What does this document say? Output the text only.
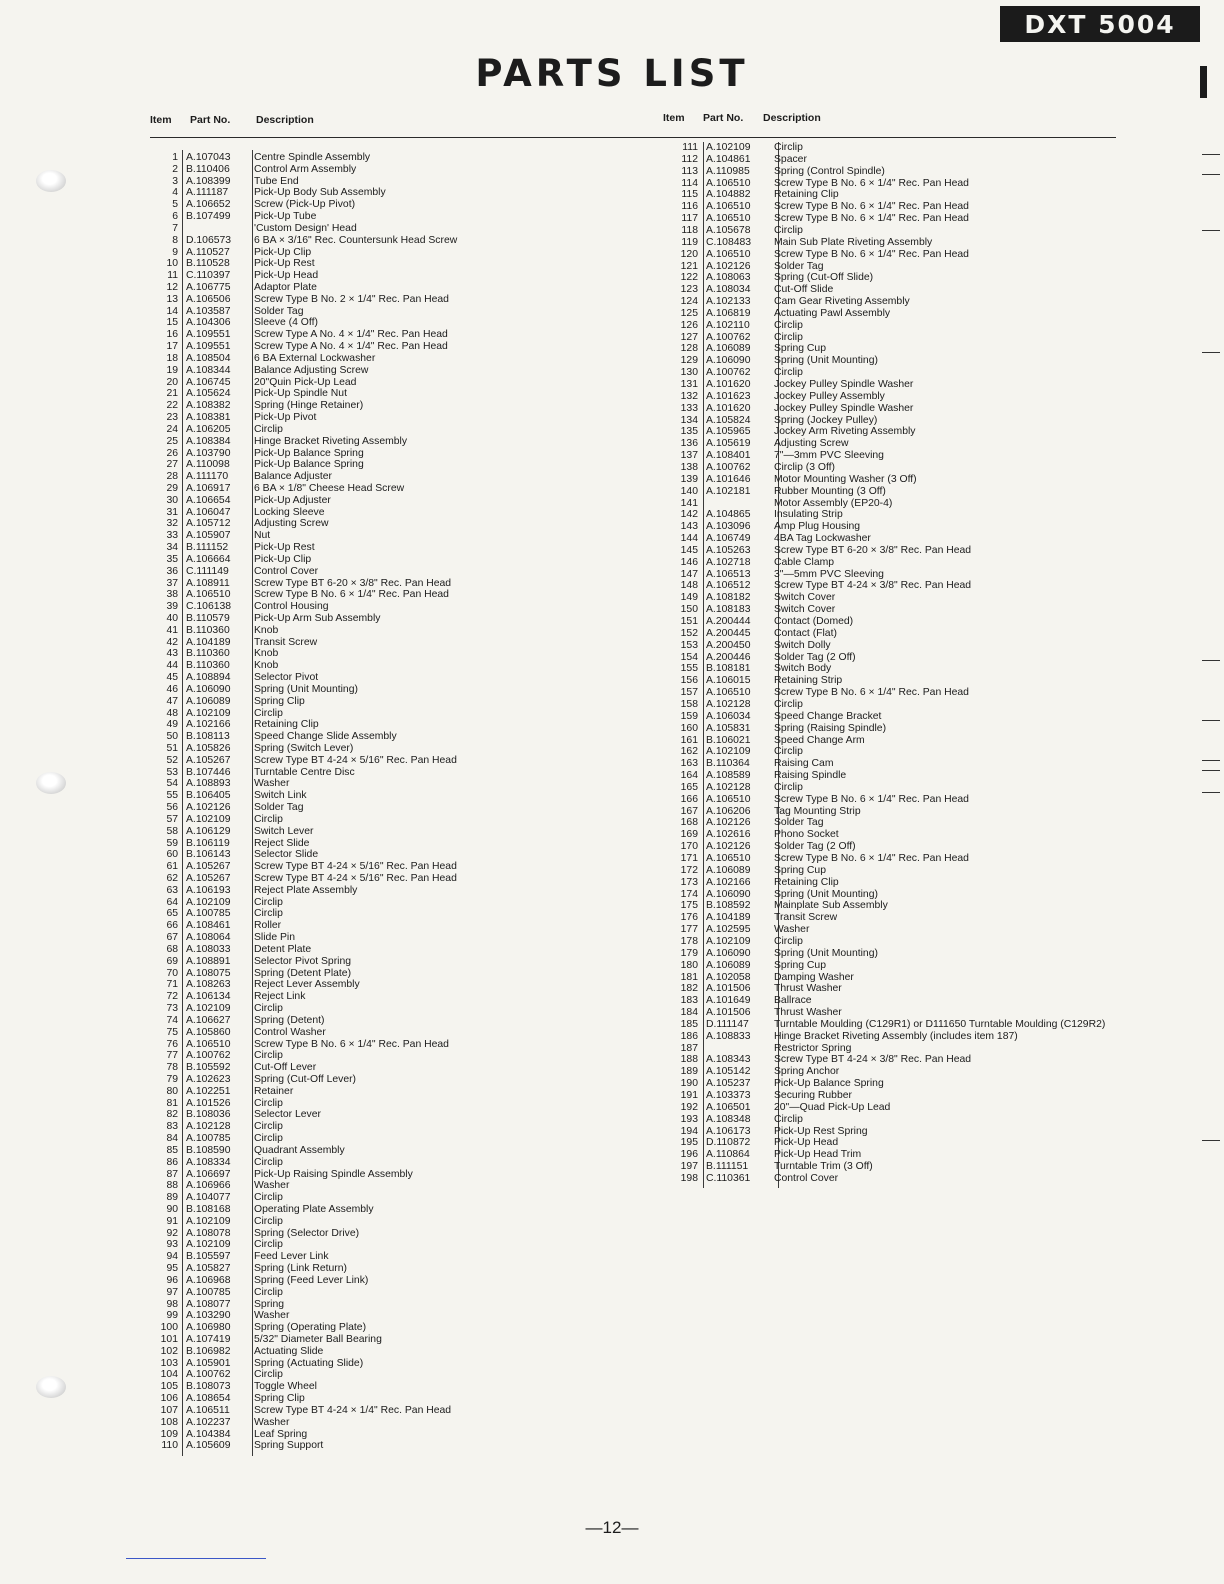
DXT 5004
PARTS LIST
Item Part No. Description	Item Part No. Description
1 A.107043 Centre Spindle Assembly
2 B.110406 Control Arm Assembly
3 A.108399 Tube End
4 A.111187 Pick-Up Body Sub Assembly
5 A.106652 Screw (Pick-Up Pivot)
6 B.107499 Pick-Up Tube
7	'Custom Design' Head
8 D.106573 6 BA × 3/16" Rec. Countersunk Head Screw
9 A.110527 Pick-Up Clip
10 B.110528 Pick-Up Rest
11 C.110397 Pick-Up Head
12 A.106775 Adaptor Plate
13 A.106506 Screw Type B No. 2 × 1/4" Rec. Pan Head
14 A.103587 Solder Tag
15 A.104306 Sleeve (4 Off)
16 A.109551 Screw Type A No. 4 × 1/4" Rec. Pan Head
17 A.109551 Screw Type A No. 4 × 1/4" Rec. Pan Head
18 A.108504 6 BA External Lockwasher
19 A.108344 Balance Adjusting Screw
20 A.106745 20"Quin Pick-Up Lead
21 A.105624 Pick-Up Spindle Nut
22 A.108382 Spring (Hinge Retainer)
23 A.108381 Pick-Up Pivot
24 A.106205 Circlip
25 A.108384 Hinge Bracket Riveting Assembly
26 A.103790 Pick-Up Balance Spring
27 A.110098 Pick-Up Balance Spring
28 A.111170 Balance Adjuster
29 A.106917 6 BA × 1/8" Cheese Head Screw
30 A.106654 Pick-Up Adjuster
31 A.106047 Locking Sleeve
32 A.105712 Adjusting Screw
33 A.105907 Nut
34 B.111152 Pick-Up Rest
35 A.106664 Pick-Up Clip
36 C.111149 Control Cover
37 A.108911 Screw Type BT 6-20 × 3/8" Rec. Pan Head
38 A.106510 Screw Type B No. 6 × 1/4" Rec. Pan Head
39 C.106138 Control Housing
40 B.110579 Pick-Up Arm Sub Assembly
41 B.110360 Knob
42 A.104189 Transit Screw
43 B.110360 Knob
44 B.110360 Knob
45 A.108894 Selector Pivot
46 A.106090 Spring (Unit Mounting)
47 A.106089 Spring Clip
48 A.102109 Circlip
49 A.102166 Retaining Clip
50 B.108113 Speed Change Slide Assembly
51 A.105826 Spring (Switch Lever)
52 A.105267 Screw Type BT 4-24 × 5/16" Rec. Pan Head
53 B.107446 Turntable Centre Disc
54 A.108893 Washer
55 B.106405 Switch Link
56 A.102126 Solder Tag
57 A.102109 Circlip
58 A.106129 Switch Lever
59 B.106119 Reject Slide
60 B.106143 Selector Slide
61 A.105267 Screw Type BT 4-24 × 5/16" Rec. Pan Head
62 A.105267 Screw Type BT 4-24 × 5/16" Rec. Pan Head
63 A.106193 Reject Plate Assembly
64 A.102109 Circlip
65 A.100785 Circlip
66 A.108461 Roller
67 A.108064 Slide Pin
68 A.108033 Detent Plate
69 A.108891 Selector Pivot Spring
70 A.108075 Spring (Detent Plate)
71 A.108263 Reject Lever Assembly
72 A.106134 Reject Link
73 A.102109 Circlip
74 A.106627 Spring (Detent)
75 A.105860 Control Washer
76 A.106510 Screw Type B No. 6 × 1/4" Rec. Pan Head
77 A.100762 Circlip
78 B.105592 Cut-Off Lever
79 A.102623 Spring (Cut-Off Lever)
80 A.102251 Retainer
81 A.101526 Circlip
82 B.108036 Selector Lever
83 A.102128 Circlip
84 A.100785 Circlip
85 B.108590 Quadrant Assembly
86 A.108334 Circlip
87 A.106697 Pick-Up Raising Spindle Assembly
88 A.106966 Washer
89 A.104077 Circlip
90 B.108168 Operating Plate Assembly
91 A.102109 Circlip
92 A.108078 Spring (Selector Drive)
93 A.102109 Circlip
94 B.105597 Feed Lever Link
95 A.105827 Spring (Link Return)
96 A.106968 Spring (Feed Lever Link)
97 A.100785 Circlip
98 A.108077 Spring
99 A.103290 Washer
100 A.106980 Spring (Operating Plate)
101 A.107419 5/32" Diameter Ball Bearing
102 B.106982 Actuating Slide
103 A.105901 Spring (Actuating Slide)
104 A.100762 Circlip
105 B.108073 Toggle Wheel
106 A.108654 Spring Clip
107 A.106511 Screw Type BT 4-24 × 1/4" Rec. Pan Head
108 A.102237 Washer
109 A.104384 Leaf Spring
110 A.105609 Spring Support
111 A.102109 Circlip
112 A.104861 Spacer
113 A.110985 Spring (Control Spindle)
114 A.106510 Screw Type B No. 6 × 1/4" Rec. Pan Head
115 A.104882 Retaining Clip
116 A.106510 Screw Type B No. 6 × 1/4" Rec. Pan Head
117 A.106510 Screw Type B No. 6 × 1/4" Rec. Pan Head
118 A.105678 Circlip
119 C.108483 Main Sub Plate Riveting Assembly
120 A.106510 Screw Type B No. 6 × 1/4" Rec. Pan Head
121 A.102126 Solder Tag
122 A.108063 Spring (Cut-Off Slide)
123 A.108034 Cut-Off Slide
124 A.102133 Cam Gear Riveting Assembly
125 A.106819 Actuating Pawl Assembly
126 A.102110 Circlip
127 A.100762 Circlip
128 A.106089 Spring Cup
129 A.106090 Spring (Unit Mounting)
130 A.100762 Circlip
131 A.101620 Jockey Pulley Spindle Washer
132 A.101623 Jockey Pulley Assembly
133 A.101620 Jockey Pulley Spindle Washer
134 A.105824 Spring (Jockey Pulley)
135 A.105965 Jockey Arm Riveting Assembly
136 A.105619 Adjusting Screw
137 A.108401 7"—3mm PVC Sleeving
138 A.100762 Circlip (3 Off)
139 A.101646 Motor Mounting Washer (3 Off)
140 A.102181 Rubber Mounting (3 Off)
141	Motor Assembly (EP20-4)
142 A.104865 Insulating Strip
143 A.103096 Amp Plug Housing
144 A.106749 4BA Tag Lockwasher
145 A.105263 Screw Type BT 6-20 × 3/8" Rec. Pan Head
146 A.102718 Cable Clamp
147 A.106513 3"—5mm PVC Sleeving
148 A.106512 Screw Type BT 4-24 × 3/8" Rec. Pan Head
149 A.108182 Switch Cover
150 A.108183 Switch Cover
151 A.200444 Contact (Domed)
152 A.200445 Contact (Flat)
153 A.200450 Switch Dolly
154 A.200446 Solder Tag (2 Off)
155 B.108181 Switch Body
156 A.106015 Retaining Strip
157 A.106510 Screw Type B No. 6 × 1/4" Rec. Pan Head
158 A.102128 Circlip
159 A.106034 Speed Change Bracket
160 A.105831 Spring (Raising Spindle)
161 B.106021 Speed Change Arm
162 A.102109 Circlip
163 B.110364 Raising Cam
164 A.108589 Raising Spindle
165 A.102128 Circlip
166 A.106510 Screw Type B No. 6 × 1/4" Rec. Pan Head
167 A.106206 Tag Mounting Strip
168 A.102126 Solder Tag
169 A.102616 Phono Socket
170 A.102126 Solder Tag (2 Off)
171 A.106510 Screw Type B No. 6 × 1/4" Rec. Pan Head
172 A.106089 Spring Cup
173 A.102166 Retaining Clip
174 A.106090 Spring (Unit Mounting)
175 B.108592 Mainplate Sub Assembly
176 A.104189 Transit Screw
177 A.102595 Washer
178 A.102109 Circlip
179 A.106090 Spring (Unit Mounting)
180 A.106089 Spring Cup
181 A.102058 Damping Washer
182 A.101506 Thrust Washer
183 A.101649 Ballrace
184 A.101506 Thrust Washer
185 D.111147 Turntable Moulding (C129R1) or D111650 Turntable Moulding (C129R2)
186 A.108833 Hinge Bracket Riveting Assembly (includes item 187)
187	Restrictor Spring
188 A.108343 Screw Type BT 4-24 × 3/8" Rec. Pan Head
189 A.105142 Spring Anchor
190 A.105237 Pick-Up Balance Spring
191 A.103373 Securing Rubber
192 A.106501 20"—Quad Pick-Up Lead
193 A.108348 Circlip
194 A.106173 Pick-Up Rest Spring
195 D.110872 Pick-Up Head
196 A.110864 Pick-Up Head Trim
197 B.111151 Turntable Trim (3 Off)
198 C.110361 Control Cover
—12—
